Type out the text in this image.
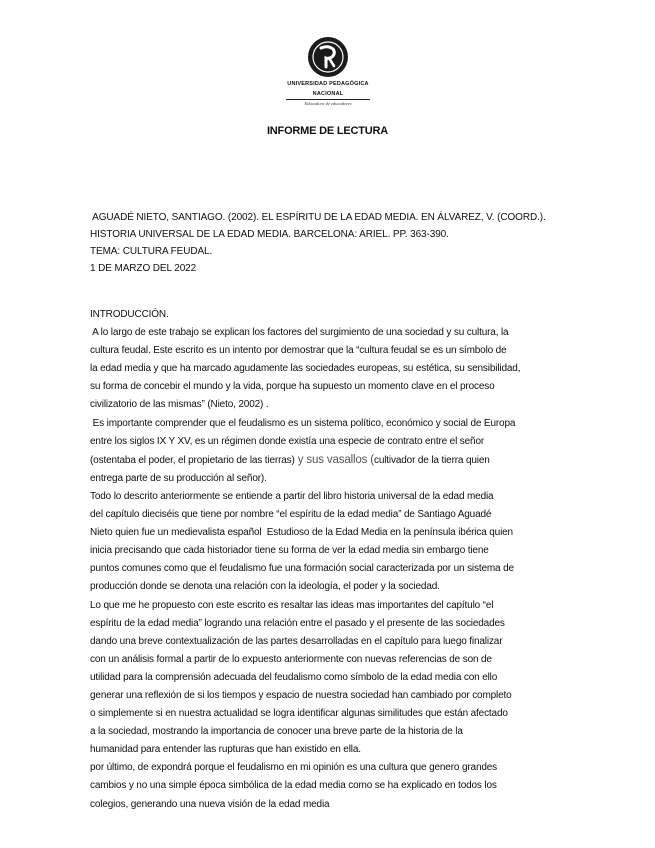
UNIVERSIDAD PEDAGÓGICA
NACIONAL
Educadora de educadores
INFORME DE LECTURA
AGUADÉ NIETO, SANTIAGO. (2002). EL ESPÍRITU DE LA EDAD MEDIA. EN ÁLVAREZ, V. (COORD.).
HISTORIA UNIVERSAL DE LA EDAD MEDIA. BARCELONA: ARIEL. PP. 363-390.
TEMA: CULTURA FEUDAL.
1 DE MARZO DEL 2022
INTRODUCCIÓN.
A lo largo de este trabajo se explican los factores del surgimiento de una sociedad y su cultura, la
cultura feudal. Este escrito es un intento por demostrar que la “cultura feudal se es un símbolo de
la edad media y que ha marcado agudamente las sociedades europeas, su estética, su sensibilidad,
su forma de concebir el mundo y la vida, porque ha supuesto un momento clave en el proceso
civilizatorio de las mismas” (Nieto, 2002) .
Es importante comprender que el feudalismo es un sistema político, económico y social de Europa
entre los siglos IX Y XV, es un régimen donde existía una especie de contrato entre el señor
(ostentaba el poder, el propietario de las tierras) y sus vasallos (cultivador de la tierra quien
entrega parte de su producción al señor).
Todo lo descrito anteriormente se entiende a partir del libro historia universal de la edad media
del capítulo dieciséis que tiene por nombre “el espíritu de la edad media” de Santiago Aguadé
Nieto quien fue un medievalista español  Estudioso de la Edad Media en la península ibérica quien
inicia precisando que cada historiador tiene su forma de ver la edad media sin embargo tiene
puntos comunes como que el feudalismo fue una formación social caracterizada por un sistema de
producción donde se denota una relación con la ideología, el poder y la sociedad.
Lo que me he propuesto con este escrito es resaltar las ideas mas importantes del capítulo “el
espíritu de la edad media” logrando una relación entre el pasado y el presente de las sociedades
dando una breve contextualización de las partes desarrolladas en el capítulo para luego finalizar
con un análisis formal a partir de lo expuesto anteriormente con nuevas referencias de son de
utilidad para la comprensión adecuada del feudalismo como símbolo de la edad media con ello
generar una reflexión de si los tiempos y espacio de nuestra sociedad han cambiado por completo
o simplemente si en nuestra actualidad se logra identificar algunas similitudes que están afectado
a la sociedad, mostrando la importancia de conocer una breve parte de la historia de la
humanidad para entender las rupturas que han existido en ella.
por último, de expondrá porque el feudalismo en mi opinión es una cultura que genero grandes
cambios y no una simple época simbólica de la edad media como se ha explicado en todos los
colegios, generando una nueva visión de la edad media
